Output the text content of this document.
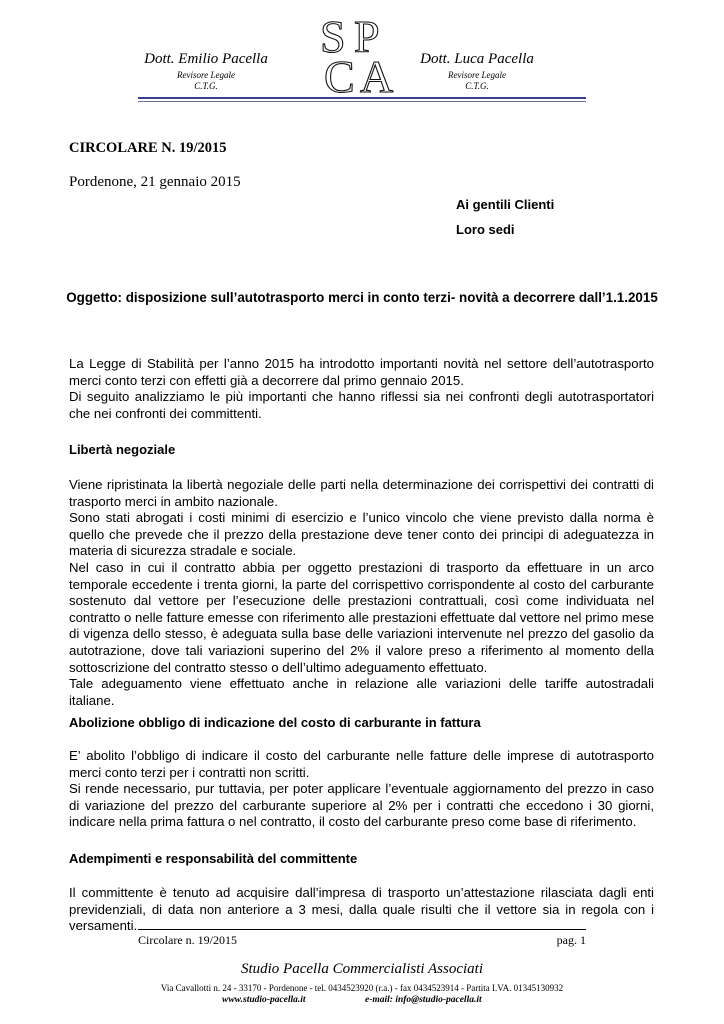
Dott. Emilio Pacella
Revisore Legale
C.T.G.
Dott. Luca Pacella
Revisore Legale
C.T.G.
S P
C A
CIRCOLARE N. 19/2015
Pordenone, 21 gennaio 2015
Ai gentili Clienti
Loro sedi
Oggetto: disposizione sull’autotrasporto merci in conto terzi- novità a decorrere dall’1.1.2015

La Legge di Stabilità per l’anno 2015 ha introdotto importanti novità nel settore dell’autotrasporto merci conto terzi con effetti già a decorrere dal primo gennaio 2015.

Di seguito analizziamo le più importanti che hanno riflessi sia nei confronti degli autotrasportatori che nei confronti dei committenti.

Libertà negoziale

Viene ripristinata la libertà negoziale delle parti nella determinazione dei corrispettivi dei contratti di trasporto merci in ambito nazionale.

Sono stati abrogati i costi minimi di esercizio e l’unico vincolo che viene previsto dalla norma è quello che prevede che il prezzo della prestazione deve tener conto dei principi di adeguatezza in materia di sicurezza stradale e sociale.

Nel caso in cui il contratto abbia per oggetto prestazioni di trasporto da effettuare in un arco temporale eccedente i trenta giorni, la parte del corrispettivo corrispondente al costo del carburante sostenuto dal vettore per l’esecuzione delle prestazioni contrattuali, così come individuata nel contratto o nelle fatture emesse con riferimento alle prestazioni effettuate dal vettore nel primo mese di vigenza dello stesso, è adeguata sulla base delle variazioni intervenute nel prezzo del gasolio da autotrazione, dove tali variazioni superino del 2% il valore preso a riferimento al momento della sottoscrizione del contratto stesso o dell’ultimo adeguamento effettuato.

Tale adeguamento viene effettuato anche in relazione alle variazioni delle tariffe autostradali italiane.

Abolizione obbligo di indicazione del costo di carburante in fattura

E’ abolito l’obbligo di indicare il costo del carburante nelle fatture delle imprese di autotrasporto merci conto terzi per i contratti non scritti.

Si rende necessario, pur tuttavia, per poter applicare l’eventuale aggiornamento del prezzo in caso di variazione del prezzo del carburante superiore al 2% per i contratti che eccedono i 30 giorni, indicare nella prima fattura o nel contratto, il costo del carburante preso come base di riferimento.

Adempimenti e responsabilità del committente

Il committente è tenuto ad acquisire dall’impresa di trasporto un’attestazione rilasciata dagli enti previdenziali, di data non anteriore a 3 mesi, dalla quale risulti che il vettore sia in regola con i versamenti.

Circolare n. 19/2015	pag. 1
Studio Pacella Commercialisti Associati
Via Cavallotti n. 24 - 33170 - Pordenone - tel. 0434523920 (r.a.) - fax 0434523914 - Partita I.VA. 01345130932
www.studio-pacella.it	e-mail: info@studio-pacella.it
